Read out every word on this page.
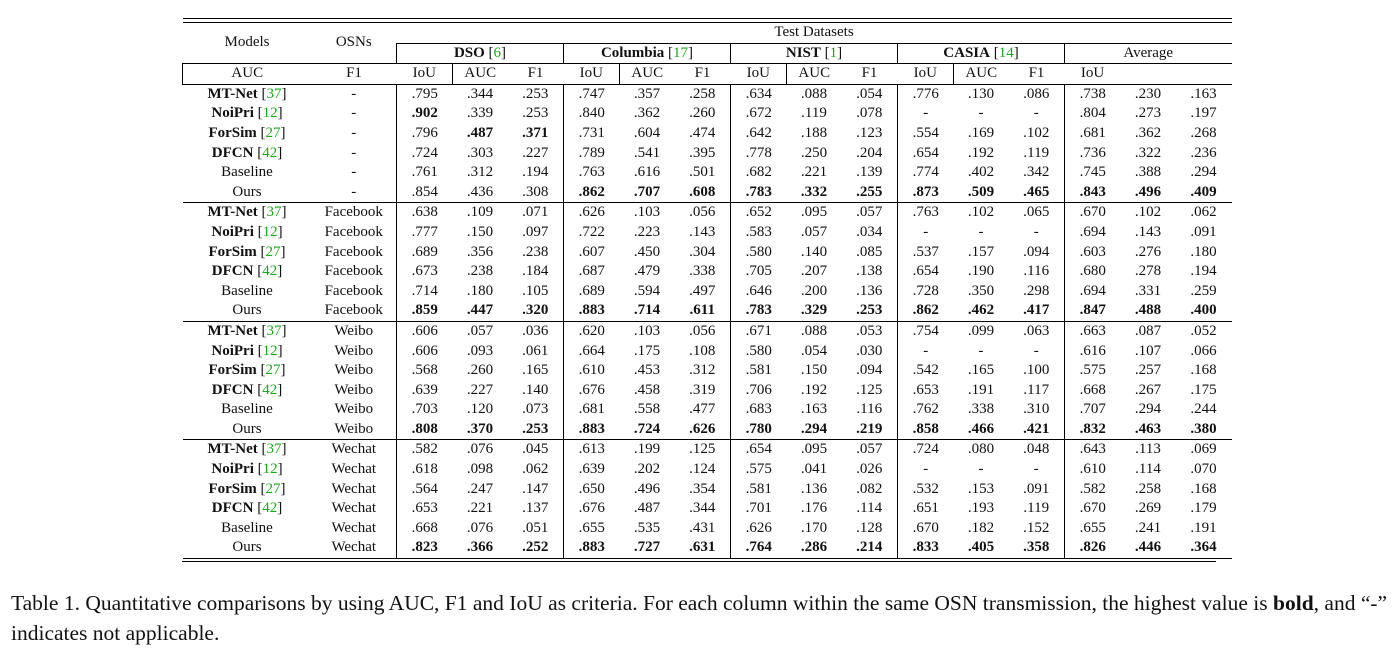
Models	OSNs	Test Datasets														
		DSO [6]			Columbia [17]			NIST [1]			CASIA [14]			Average		
AUC	F1	IoU	AUC	F1	IoU	AUC	F1	IoU	AUC	F1	IoU	AUC	F1	IoU		
MT-Net [37]	-	.795	.344	.253	.747	.357	.258	.634	.088	.054	.776	.130	.086	.738	.230	.163
NoiPri [12]	-	.902	.339	.253	.840	.362	.260	.672	.119	.078	-	-	-	.804	.273	.197
ForSim [27]	-	.796	.487	.371	.731	.604	.474	.642	.188	.123	.554	.169	.102	.681	.362	.268
DFCN [42]	-	.724	.303	.227	.789	.541	.395	.778	.250	.204	.654	.192	.119	.736	.322	.236
Baseline	-	.761	.312	.194	.763	.616	.501	.682	.221	.139	.774	.402	.342	.745	.388	.294
Ours	-	.854	.436	.308	.862	.707	.608	.783	.332	.255	.873	.509	.465	.843	.496	.409
MT-Net [37]	Facebook	.638	.109	.071	.626	.103	.056	.652	.095	.057	.763	.102	.065	.670	.102	.062
NoiPri [12]	Facebook	.777	.150	.097	.722	.223	.143	.583	.057	.034	-	-	-	.694	.143	.091
ForSim [27]	Facebook	.689	.356	.238	.607	.450	.304	.580	.140	.085	.537	.157	.094	.603	.276	.180
DFCN [42]	Facebook	.673	.238	.184	.687	.479	.338	.705	.207	.138	.654	.190	.116	.680	.278	.194
Baseline	Facebook	.714	.180	.105	.689	.594	.497	.646	.200	.136	.728	.350	.298	.694	.331	.259
Ours	Facebook	.859	.447	.320	.883	.714	.611	.783	.329	.253	.862	.462	.417	.847	.488	.400
MT-Net [37]	Weibo	.606	.057	.036	.620	.103	.056	.671	.088	.053	.754	.099	.063	.663	.087	.052
NoiPri [12]	Weibo	.606	.093	.061	.664	.175	.108	.580	.054	.030	-	-	-	.616	.107	.066
ForSim [27]	Weibo	.568	.260	.165	.610	.453	.312	.581	.150	.094	.542	.165	.100	.575	.257	.168
DFCN [42]	Weibo	.639	.227	.140	.676	.458	.319	.706	.192	.125	.653	.191	.117	.668	.267	.175
Baseline	Weibo	.703	.120	.073	.681	.558	.477	.683	.163	.116	.762	.338	.310	.707	.294	.244
Ours	Weibo	.808	.370	.253	.883	.724	.626	.780	.294	.219	.858	.466	.421	.832	.463	.380
MT-Net [37]	Wechat	.582	.076	.045	.613	.199	.125	.654	.095	.057	.724	.080	.048	.643	.113	.069
NoiPri [12]	Wechat	.618	.098	.062	.639	.202	.124	.575	.041	.026	-	-	-	.610	.114	.070
ForSim [27]	Wechat	.564	.247	.147	.650	.496	.354	.581	.136	.082	.532	.153	.091	.582	.258	.168
DFCN [42]	Wechat	.653	.221	.137	.676	.487	.344	.701	.176	.114	.651	.193	.119	.670	.269	.179
Baseline	Wechat	.668	.076	.051	.655	.535	.431	.626	.170	.128	.670	.182	.152	.655	.241	.191
Ours	Wechat	.823	.366	.252	.883	.727	.631	.764	.286	.214	.833	.405	.358	.826	.446	.364
Table 1. Quantitative comparisons by using AUC, F1 and IoU as criteria. For each column within the same OSN transmission, the highest value is bold, and “-” indicates not applicable.
